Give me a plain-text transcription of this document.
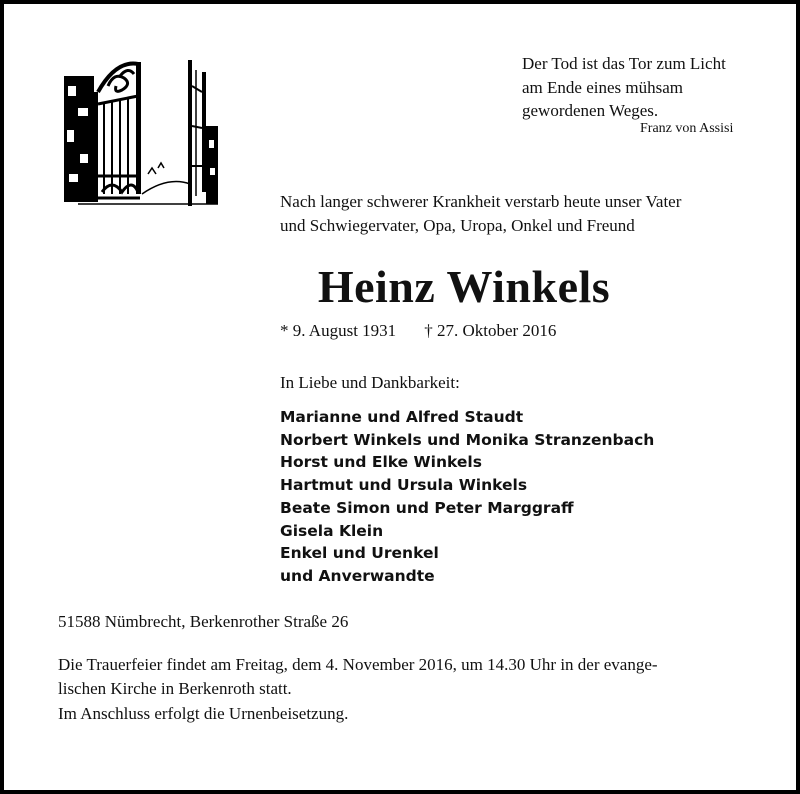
Der Tod ist das Tor zum Licht
am Ende eines mühsam
gewordenen Weges.
Franz von Assisi
Nach langer schwerer Krankheit verstarb heute unser Vater
und Schwiegervater, Opa, Uropa, Onkel und Freund
Heinz Winkels
* 9. August 1931 † 27. Oktober 2016
In Liebe und Dankbarkeit:
Marianne und Alfred Staudt
Norbert Winkels und Monika Stranzenbach
Horst und Elke Winkels
Hartmut und Ursula Winkels
Beate Simon und Peter Marggraff
Gisela Klein
Enkel und Urenkel
und Anverwandte
51588 Nümbrecht, Berkenrother Straße 26
Die Trauerfeier findet am Freitag, dem 4. November 2016, um 14.30 Uhr in der evange-
lischen Kirche in Berkenroth statt.
Im Anschluss erfolgt die Urnenbeisetzung.
